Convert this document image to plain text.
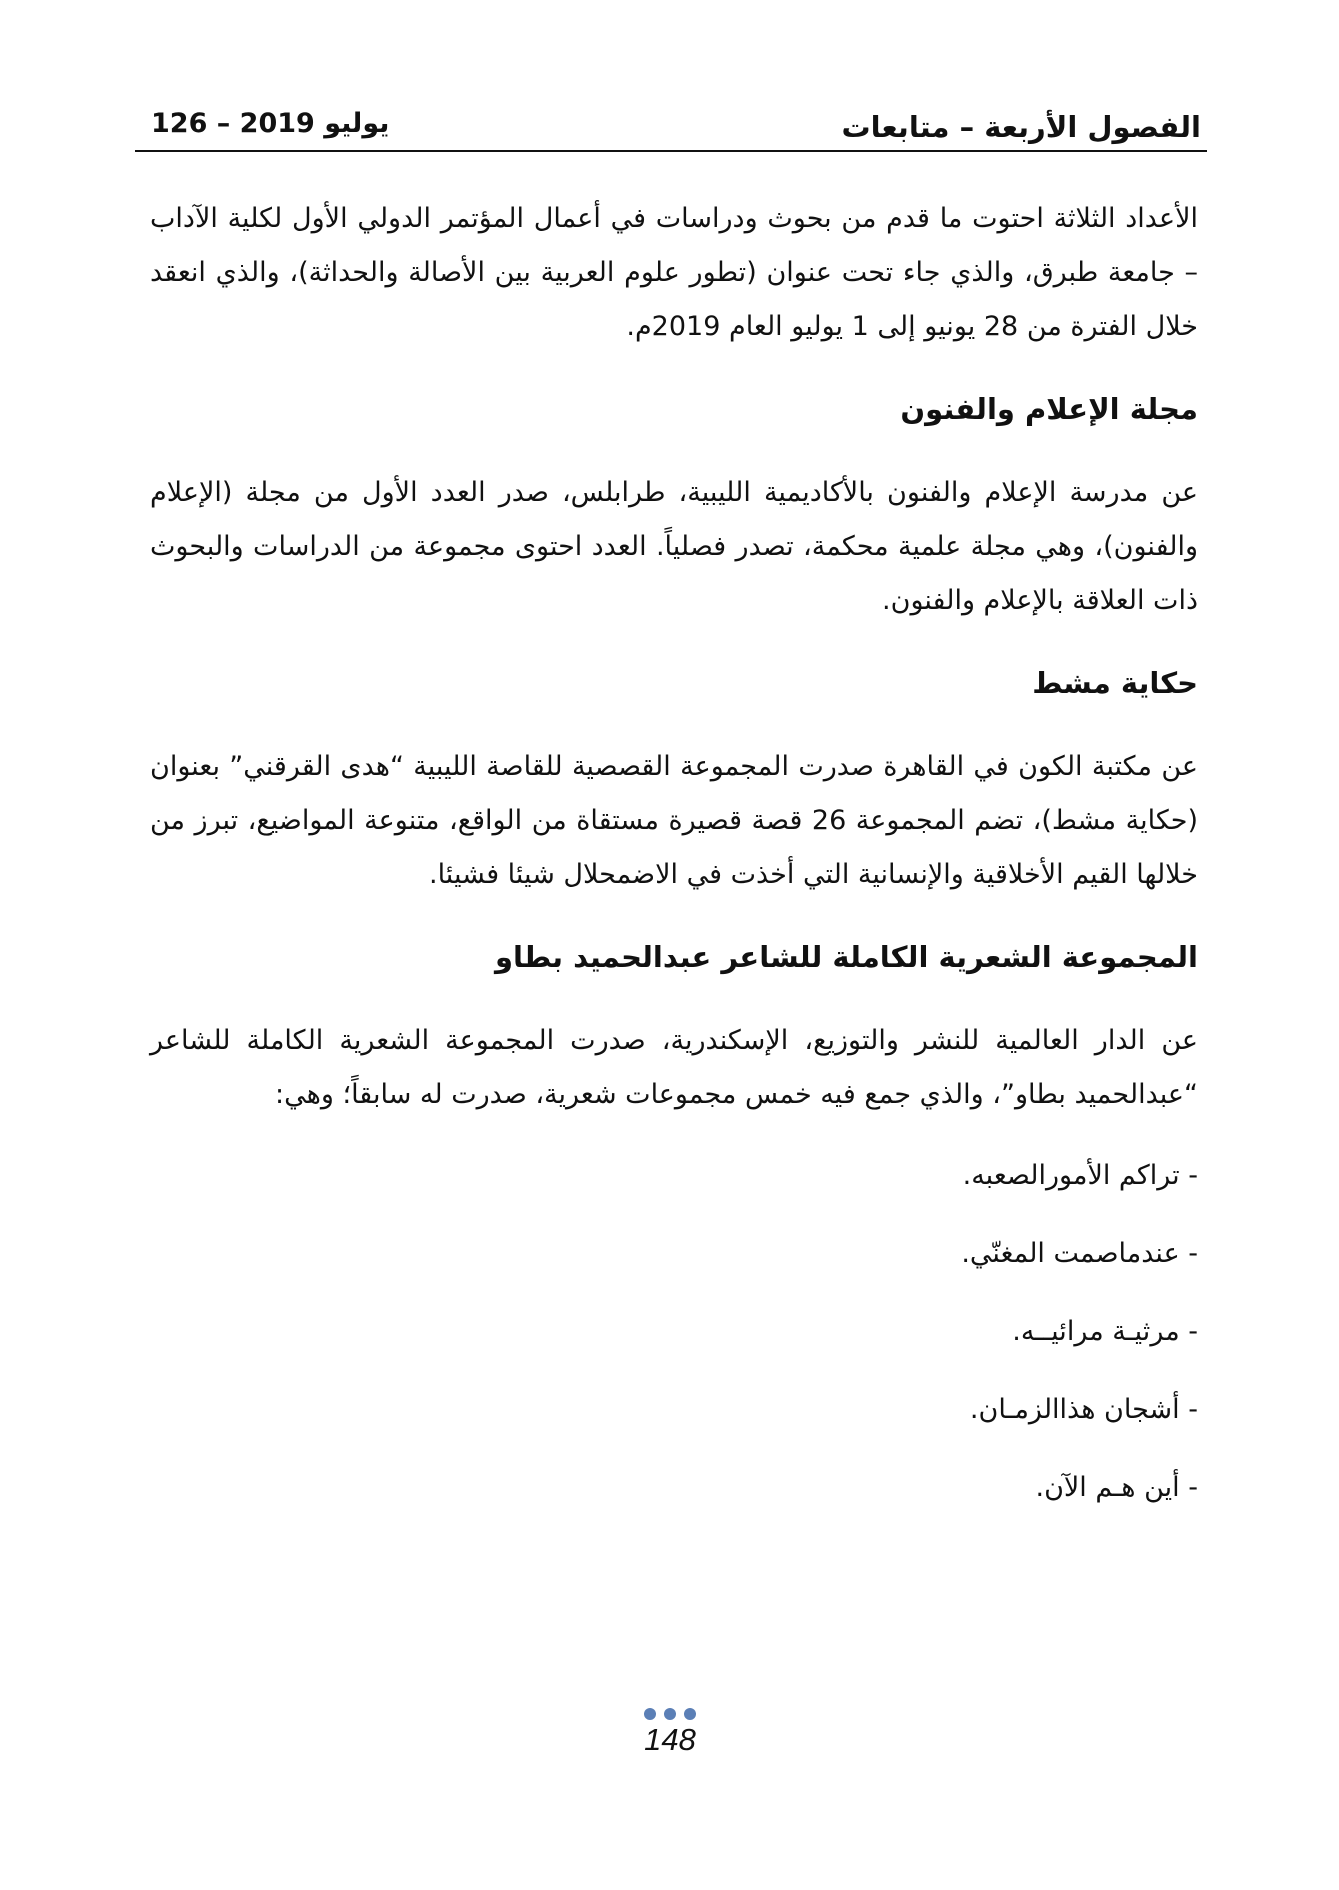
الفصول الأربعة – متابعات
126 – يوليو 2019

الأعداد الثلاثة احتوت ما قدم من بحوث ودراسات في أعمال المؤتمر الدولي الأول لكلية الآداب – جامعة طبرق، والذي جاء تحت عنوان (تطور علوم العربية بين الأصالة والحداثة)، والذي انعقد خلال الفترة من 28 يونيو إلى 1 يوليو العام 2019م.

مجلة الإعلام والفنون

عن مدرسة الإعلام والفنون بالأكاديمية الليبية، طرابلس، صدر العدد الأول من مجلة (الإعلام والفنون)، وهي مجلة علمية محكمة، تصدر فصلياً. العدد احتوى مجموعة من الدراسات والبحوث ذات العلاقة بالإعلام والفنون.

حكاية مشط

عن مكتبة الكون في القاهرة صدرت المجموعة القصصية للقاصة الليبية “هدى القرقني” بعنوان (حكاية مشط)، تضم المجموعة 26 قصة قصيرة مستقاة من الواقع، متنوعة المواضيع، تبرز من خلالها القيم الأخلاقية والإنسانية التي أخذت في الاضمحلال شيئا فشيئا.

المجموعة الشعرية الكاملة للشاعر عبدالحميد بطاو

عن الدار العالمية للنشر والتوزيع، الإسكندرية، صدرت المجموعة الشعرية الكاملة للشاعر “عبدالحميد بطاو”، والذي جمع فيه خمس مجموعات شعرية، صدرت له سابقاً؛ وهي:

- تراكم الأمورالصعبه.
- عندماصمت المغنّي.
- مرثيـة مرائيــه.
- أشجان هذاالزمـان.
- أين هـم الآن.
148
